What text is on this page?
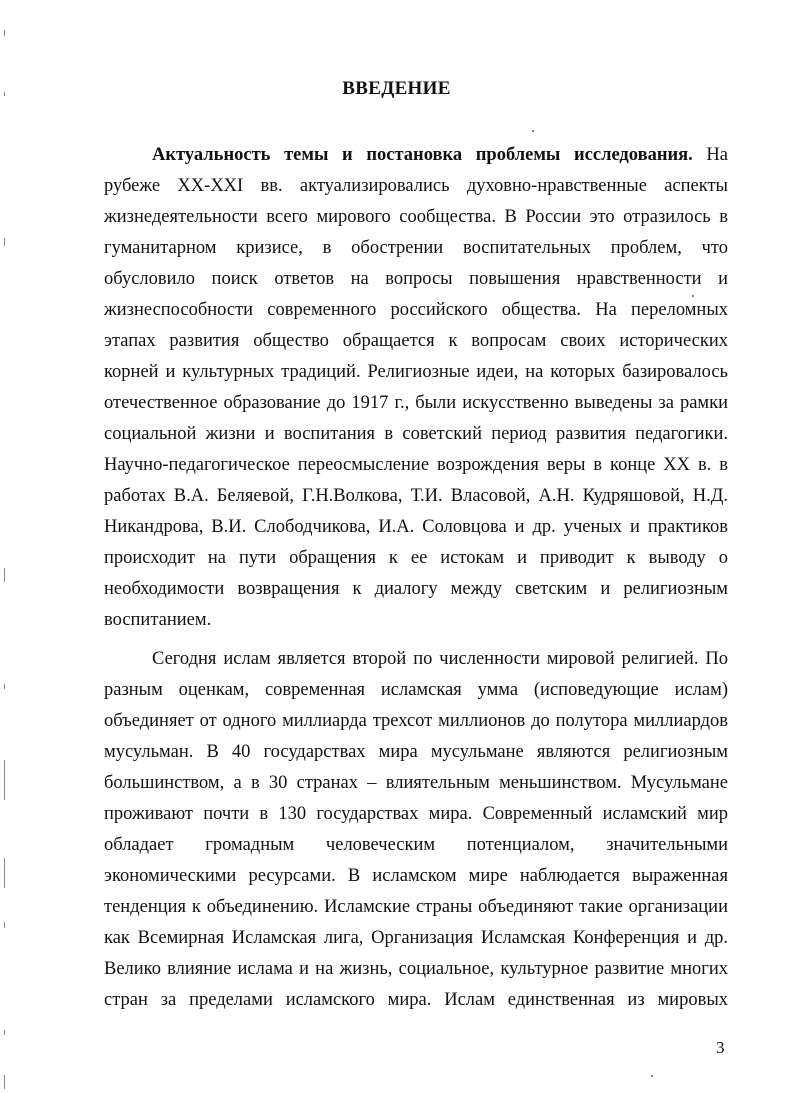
ВВЕДЕНИЕ
Актуальность темы и постановка проблемы исследования. На
рубеже XX-XXI вв. актуализировались духовно-нравственные аспекты
жизнедеятельности всего мирового сообщества. В России это отразилось в
гуманитарном кризисе, в обострении воспитательных проблем, что
обусловило поиск ответов на вопросы повышения нравственности и
жизнеспособности современного российского общества. На переломных
этапах развития общество обращается к вопросам своих исторических
корней и культурных традиций. Религиозные идеи, на которых базировалось
отечественное образование до 1917 г., были искусственно выведены за рамки
социальной жизни и воспитания в советский период развития педагогики.
Научно-педагогическое переосмысление возрождения веры в конце XX в. в
работах В.А. Беляевой, Г.Н.Волкова, Т.И. Власовой, А.Н. Кудряшовой, Н.Д.
Никандрова, В.И. Слободчикова, И.А. Соловцова и др. ученых и практиков
происходит на пути обращения к ее истокам и приводит к выводу о
необходимости возвращения к диалогу между светским и религиозным
воспитанием.
Сегодня ислам является второй по численности мировой религией. По
разным оценкам, современная исламская умма (исповедующие ислам)
объединяет от одного миллиарда трехсот миллионов до полутора миллиардов
мусульман. В 40 государствах мира мусульмане являются религиозным
большинством, а в 30 странах – влиятельным меньшинством. Мусульмане
проживают почти в 130 государствах мира. Современный исламский мир
обладает громадным человеческим потенциалом, значительными
экономическими ресурсами. В исламском мире наблюдается выраженная
тенденция к объединению. Исламские страны объединяют такие организации
как Всемирная Исламская лига, Организация Исламская Конференция и др.
Велико влияние ислама и на жизнь, социальное, культурное развитие многих
стран за пределами исламского мира. Ислам единственная из мировых
3
